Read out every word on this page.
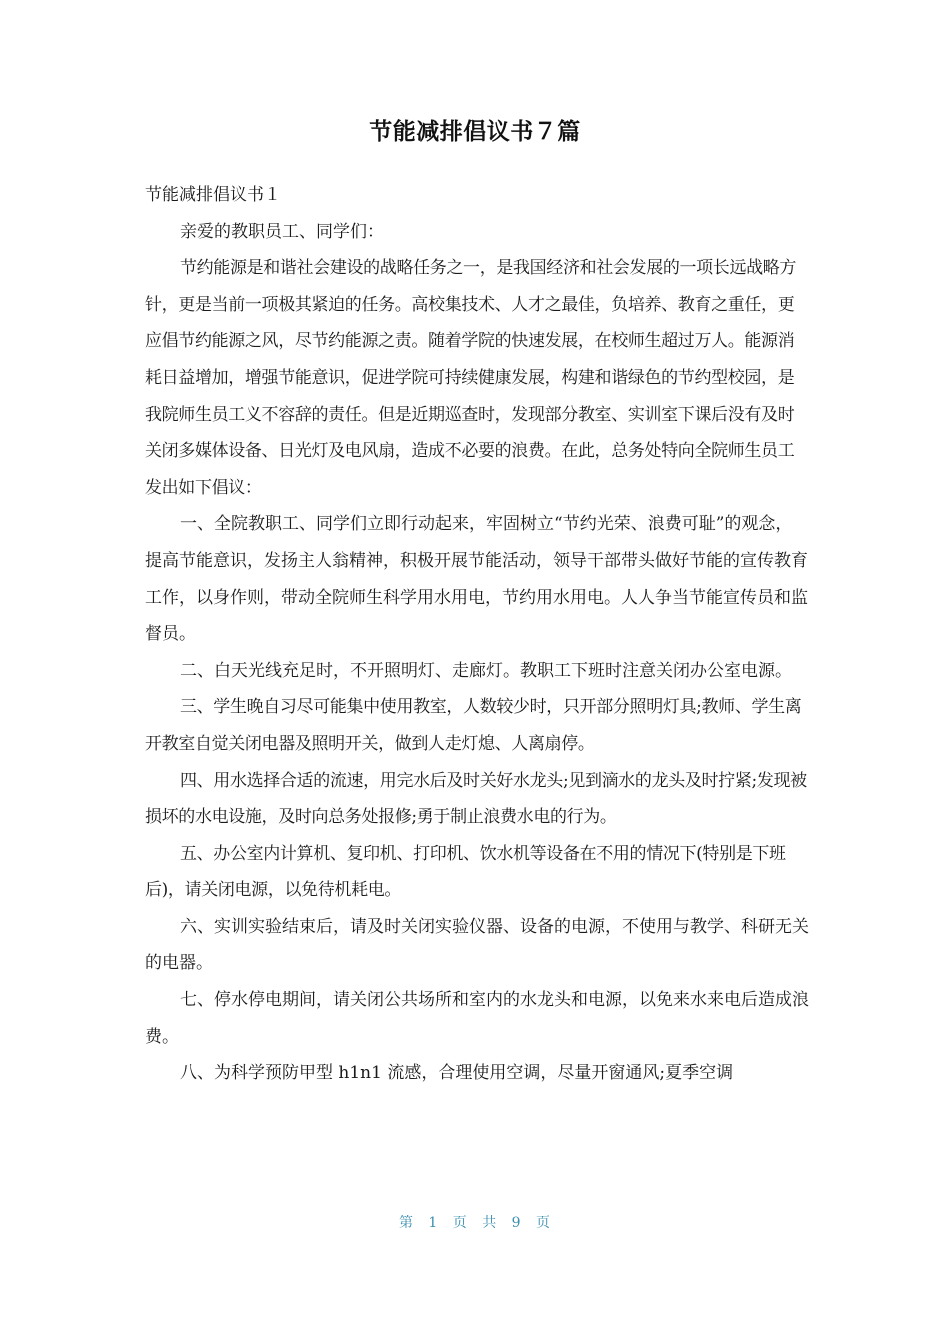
节能减排倡议书７篇

节能减排倡议书１

亲爱的教职员工、同学们：

节约能源是和谐社会建设的战略任务之一，是我国经济和社会发展的一项长远战略方针，更是当前一项极其紧迫的任务。高校集技术、人才之最佳，负培养、教育之重任，更应倡节约能源之风，尽节约能源之责。随着学院的快速发展，在校师生超过万人。能源消耗日益增加，增强节能意识，促进学院可持续健康发展，构建和谐绿色的节约型校园，是我院师生员工义不容辞的责任。但是近期巡查时，发现部分教室、实训室下课后没有及时关闭多媒体设备、日光灯及电风扇，造成不必要的浪费。在此，总务处特向全院师生员工发出如下倡议：

一、全院教职工、同学们立即行动起来，牢固树立“节约光荣、浪费可耻”的观念，提高节能意识，发扬主人翁精神，积极开展节能活动，领导干部带头做好节能的宣传教育工作，以身作则，带动全院师生科学用水用电，节约用水用电。人人争当节能宣传员和监督员。

二、白天光线充足时，不开照明灯、走廊灯。教职工下班时注意关闭办公室电源。

三、学生晚自习尽可能集中使用教室，人数较少时，只开部分照明灯具;教师、学生离开教室自觉关闭电器及照明开关，做到人走灯熄、人离扇停。

四、用水选择合适的流速，用完水后及时关好水龙头;见到滴水的龙头及时拧紧;发现被损坏的水电设施，及时向总务处报修;勇于制止浪费水电的行为。

五、办公室内计算机、复印机、打印机、饮水机等设备在不用的情况下(特别是下班后)，请关闭电源，以免待机耗电。

六、实训实验结束后，请及时关闭实验仪器、设备的电源，不使用与教学、科研无关的电器。

七、停水停电期间，请关闭公共场所和室内的水龙头和电源，以免来水来电后造成浪费。

八、为科学预防甲型 h1n1 流感，合理使用空调，尽量开窗通风;夏季空调

第 1 页 共 9 页
